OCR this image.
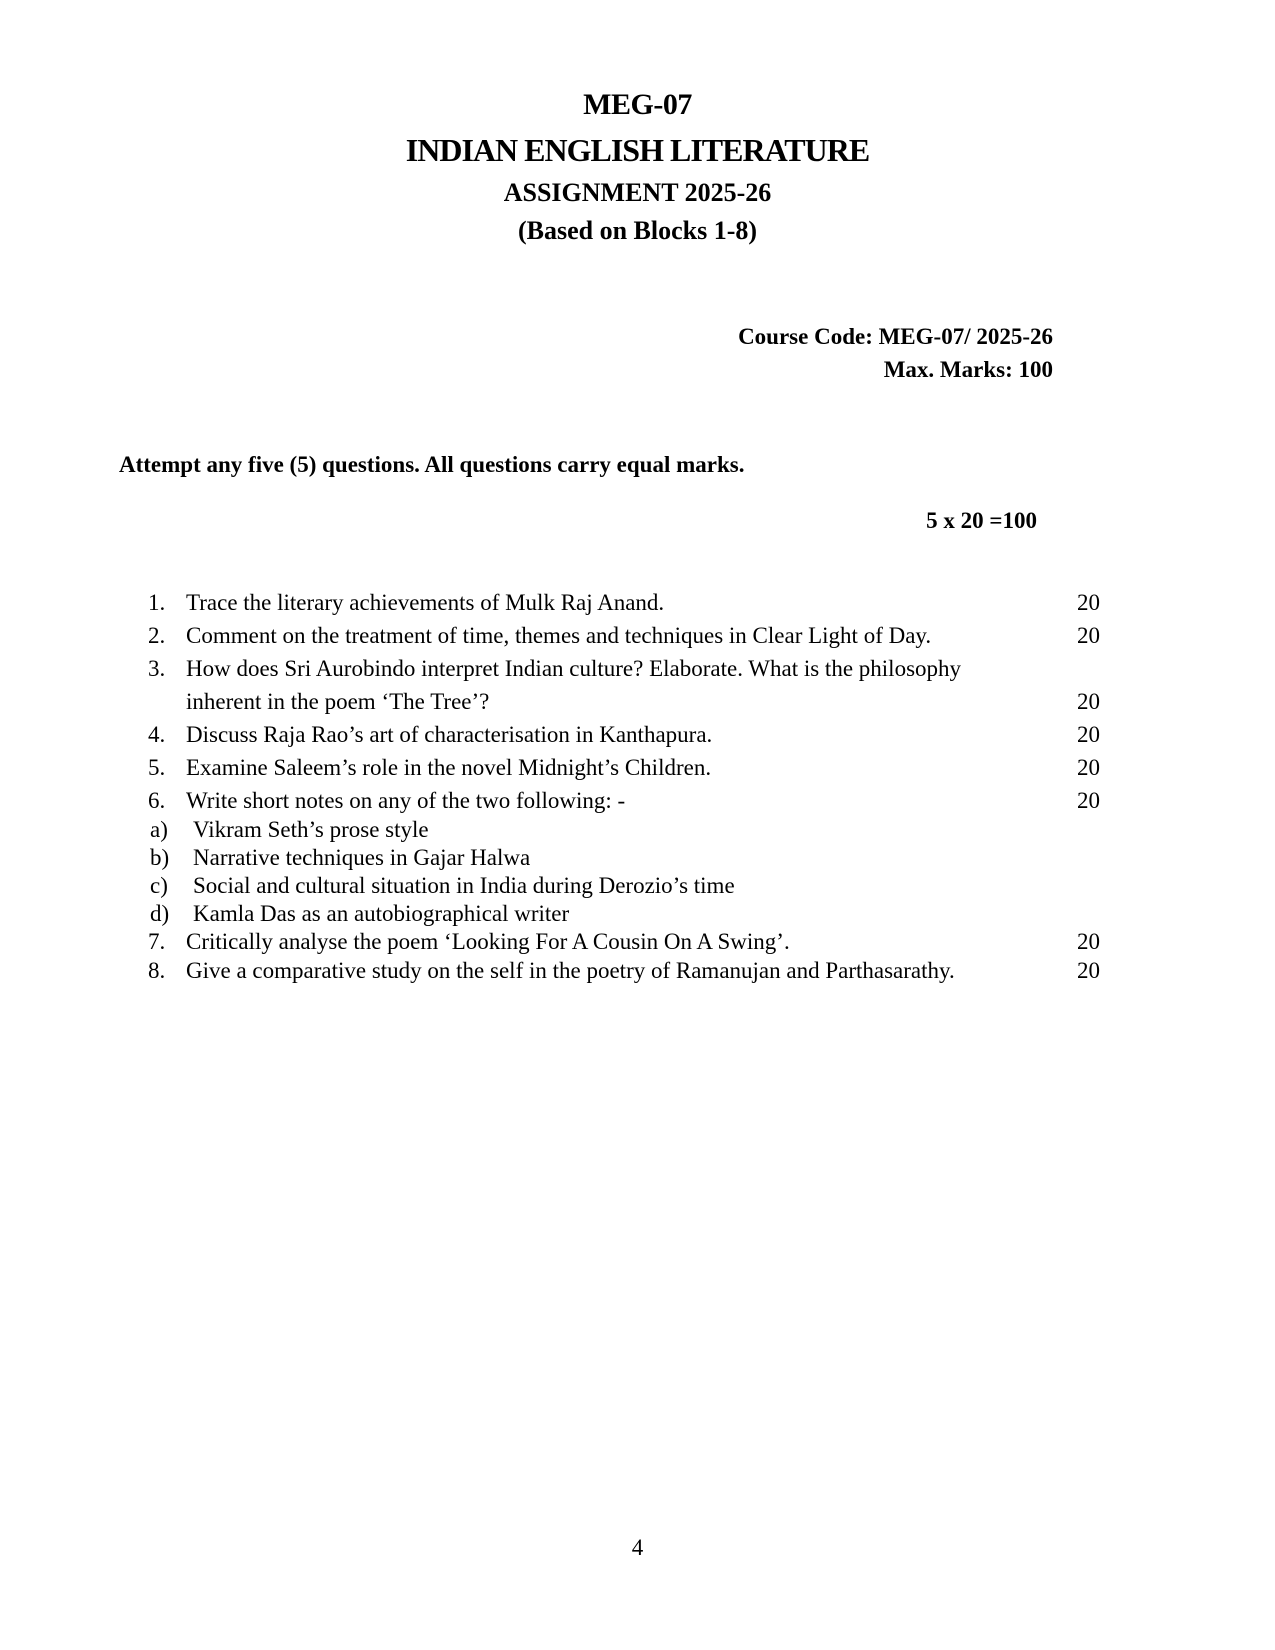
MEG-07
INDIAN ENGLISH LITERATURE
ASSIGNMENT 2025-26
(Based on Blocks 1-8)
Course Code: MEG-07/ 2025-26
Max. Marks: 100
Attempt any five (5) questions. All questions carry equal marks.
5 x 20 =100
1. Trace the literary achievements of Mulk Raj Anand.	20
2. Comment on the treatment of time, themes and techniques in Clear Light of Day.	20
3. How does Sri Aurobindo interpret Indian culture? Elaborate. What is the philosophy
inherent in the poem ‘The Tree’?	20
4. Discuss Raja Rao’s art of characterisation in Kanthapura.	20
5. Examine Saleem’s role in the novel Midnight’s Children.	20
6. Write short notes on any of the two following: -	20
a) Vikram Seth’s prose style
b) Narrative techniques in Gajar Halwa
c) Social and cultural situation in India during Derozio’s time
d) Kamla Das as an autobiographical writer
7. Critically analyse the poem ‘Looking For A Cousin On A Swing’.	20
8. Give a comparative study on the self in the poetry of Ramanujan and Parthasarathy.	20
4
